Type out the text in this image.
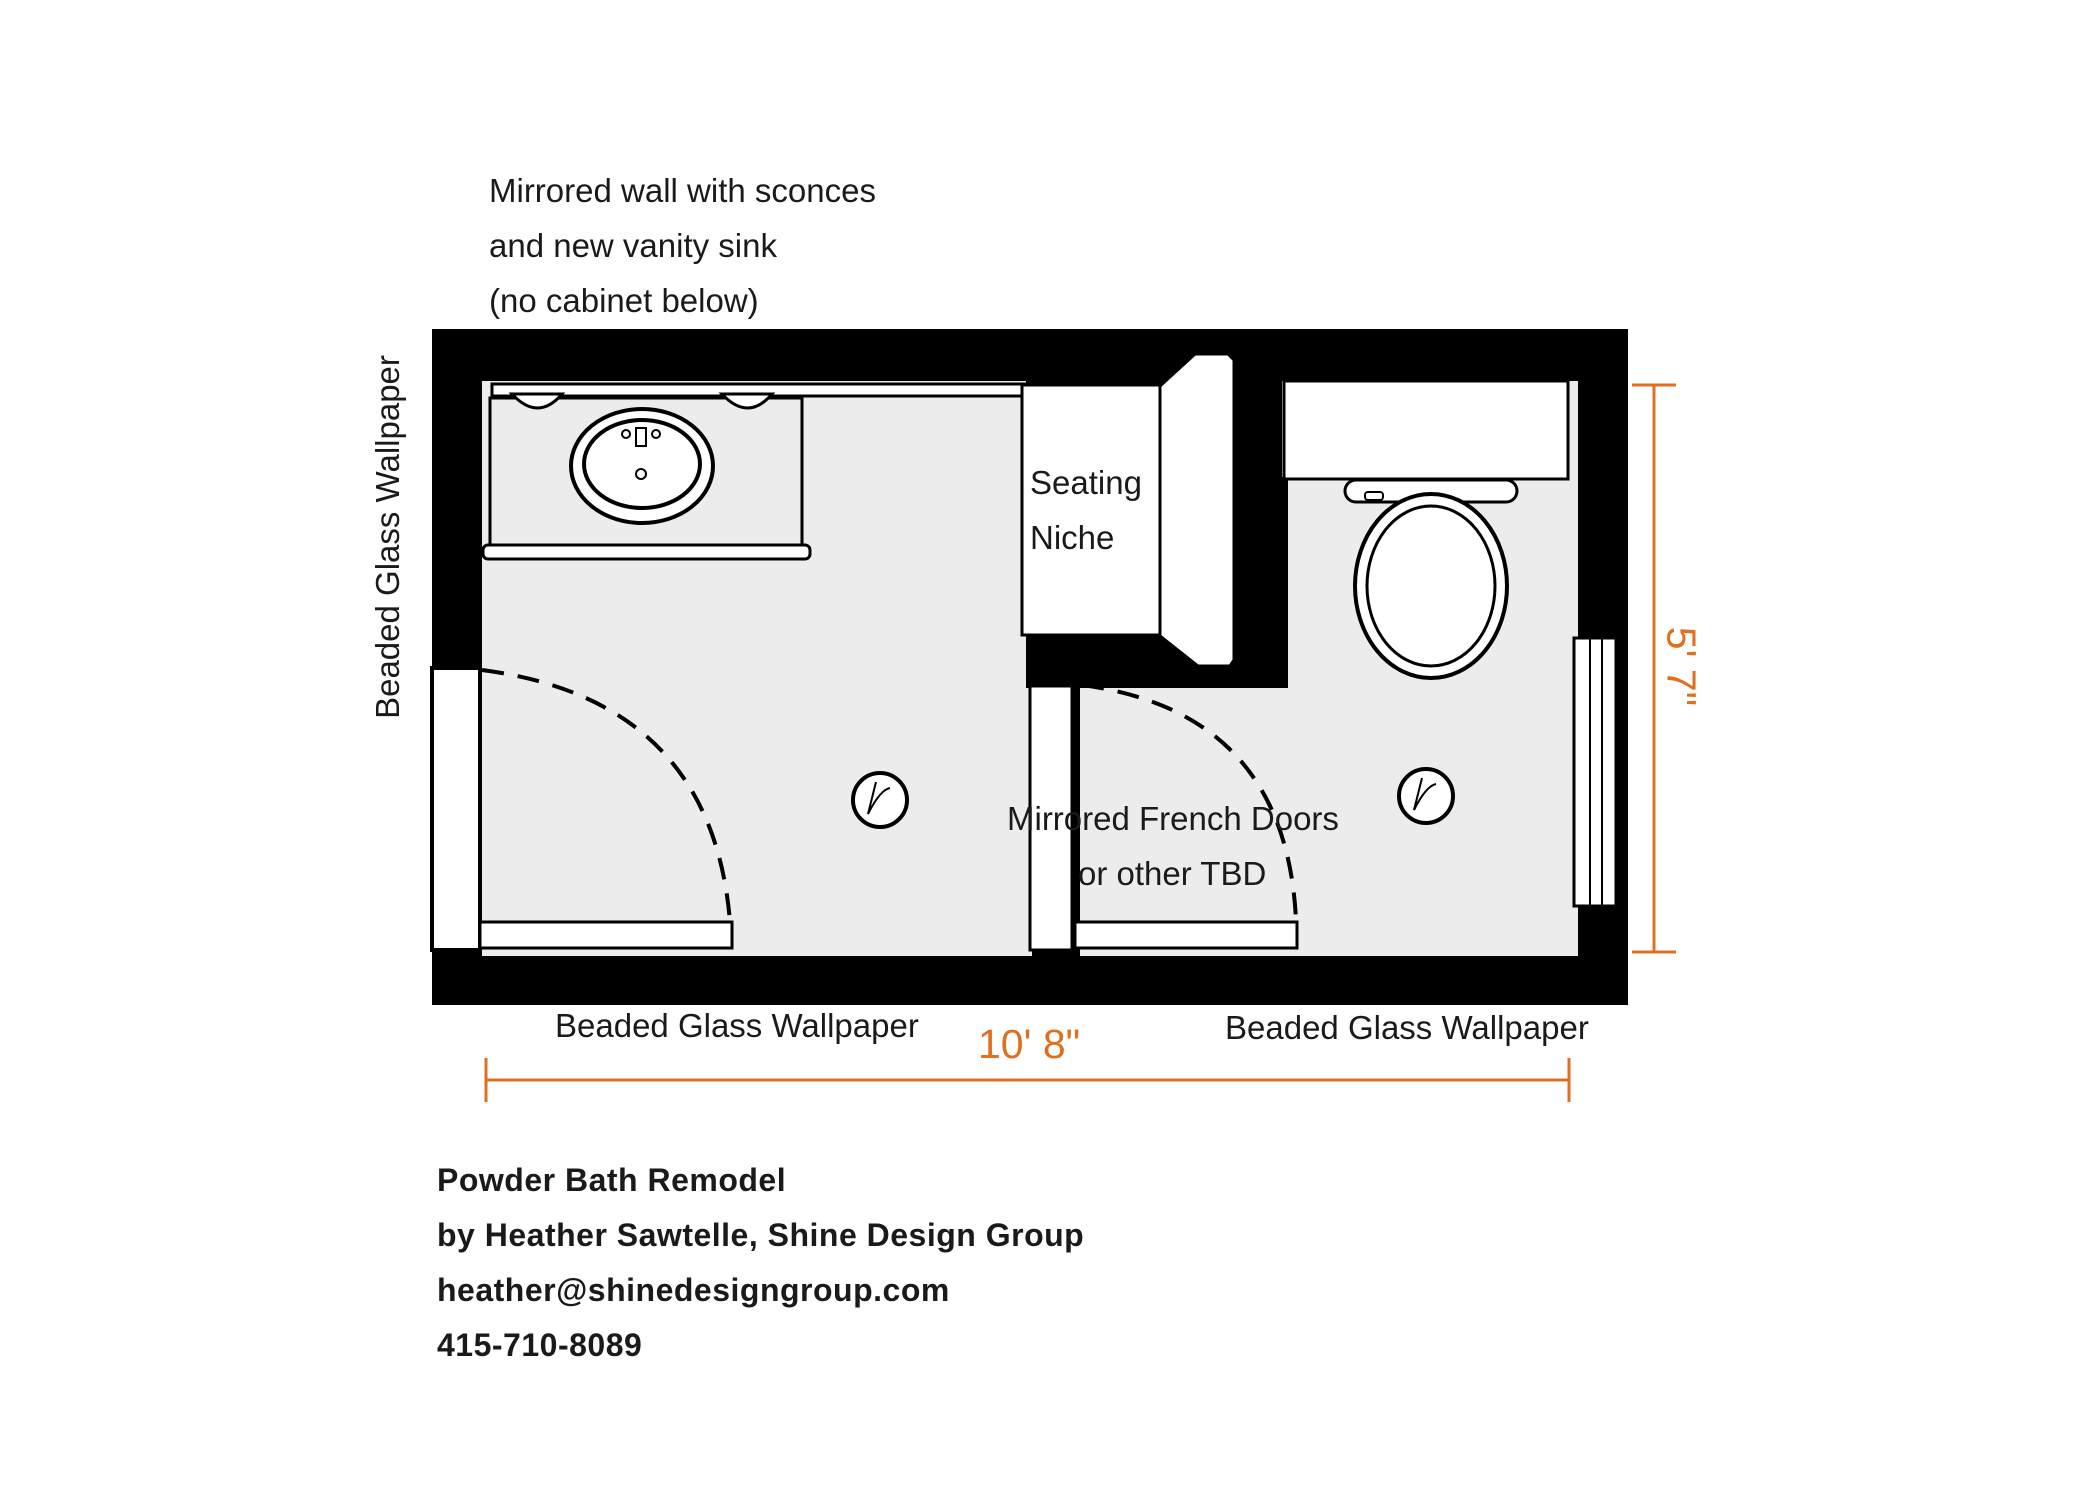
Mirrored wall with sconces
and new vanity sink
(no cabinet below)
Beaded Glass Wallpaper
Beaded Glass Wallpaper	Beaded Glass Wallpaper
Seating
Niche
Mirrored French Doors
or other TBD
10' 8"
5' 7"
Powder Bath Remodel
by Heather Sawtelle, Shine Design Group
heather@shinedesigngroup.com
415-710-8089
